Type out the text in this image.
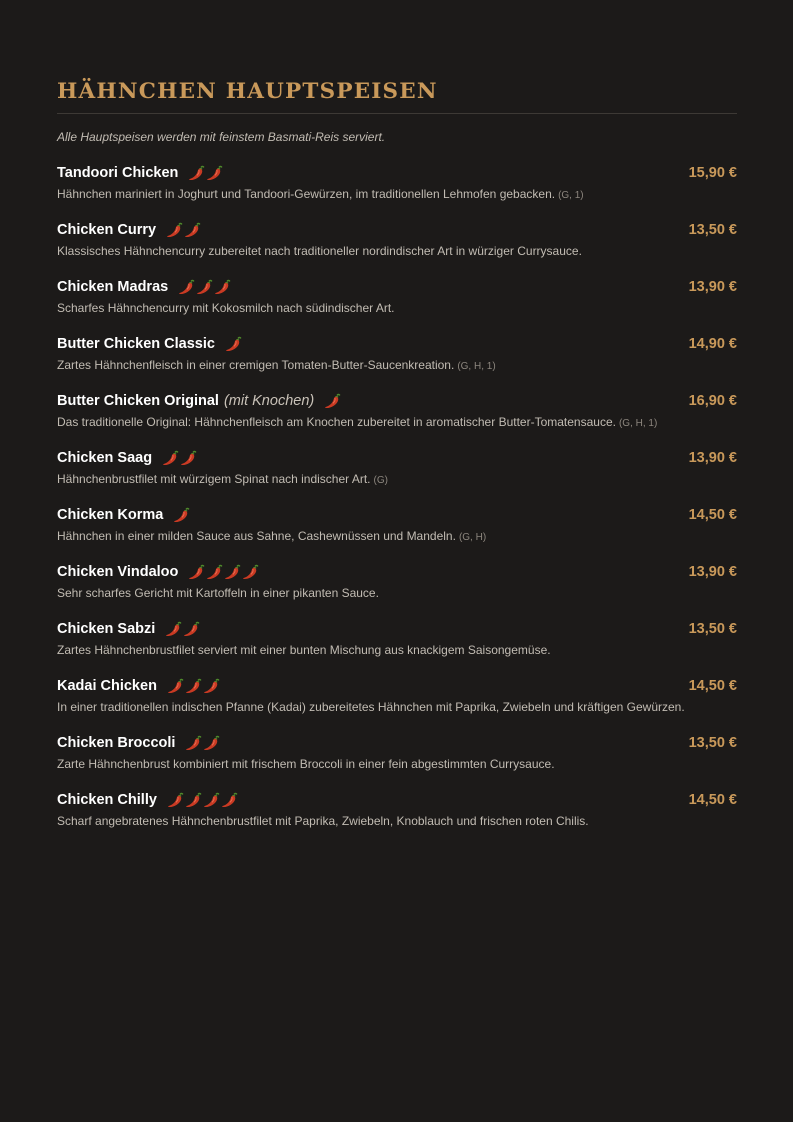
HÄHNCHEN HAUPTSPEISEN
Alle Hauptspeisen werden mit feinstem Basmati-Reis serviert.
Tandoori Chicken	15,90 €
Hähnchen mariniert in Joghurt und Tandoori-Gewürzen, im traditionellen Lehmofen gebacken. (G, 1)
Chicken Curry	13,50 €
Klassisches Hähnchencurry zubereitet nach traditioneller nordindischer Art in würziger Currysauce.
Chicken Madras	13,90 €
Scharfes Hähnchencurry mit Kokosmilch nach südindischer Art.
Butter Chicken Classic	14,90 €
Zartes Hähnchenfleisch in einer cremigen Tomaten-Butter-Saucenkreation. (G, H, 1)
Butter Chicken Original (mit Knochen)	16,90 €
Das traditionelle Original: Hähnchenfleisch am Knochen zubereitet in aromatischer Butter-Tomatensauce. (G, H, 1)
Chicken Saag	13,90 €
Hähnchenbrustfilet mit würzigem Spinat nach indischer Art. (G)
Chicken Korma	14,50 €
Hähnchen in einer milden Sauce aus Sahne, Cashewnüssen und Mandeln. (G, H)
Chicken Vindaloo	13,90 €
Sehr scharfes Gericht mit Kartoffeln in einer pikanten Sauce.
Chicken Sabzi	13,50 €
Zartes Hähnchenbrustfilet serviert mit einer bunten Mischung aus knackigem Saisongemüse.
Kadai Chicken	14,50 €
In einer traditionellen indischen Pfanne (Kadai) zubereitetes Hähnchen mit Paprika, Zwiebeln und kräftigen Gewürzen.
Chicken Broccoli	13,50 €
Zarte Hähnchenbrust kombiniert mit frischem Broccoli in einer fein abgestimmten Currysauce.
Chicken Chilly	14,50 €
Scharf angebratenes Hähnchenbrustfilet mit Paprika, Zwiebeln, Knoblauch und frischen roten Chilis.
